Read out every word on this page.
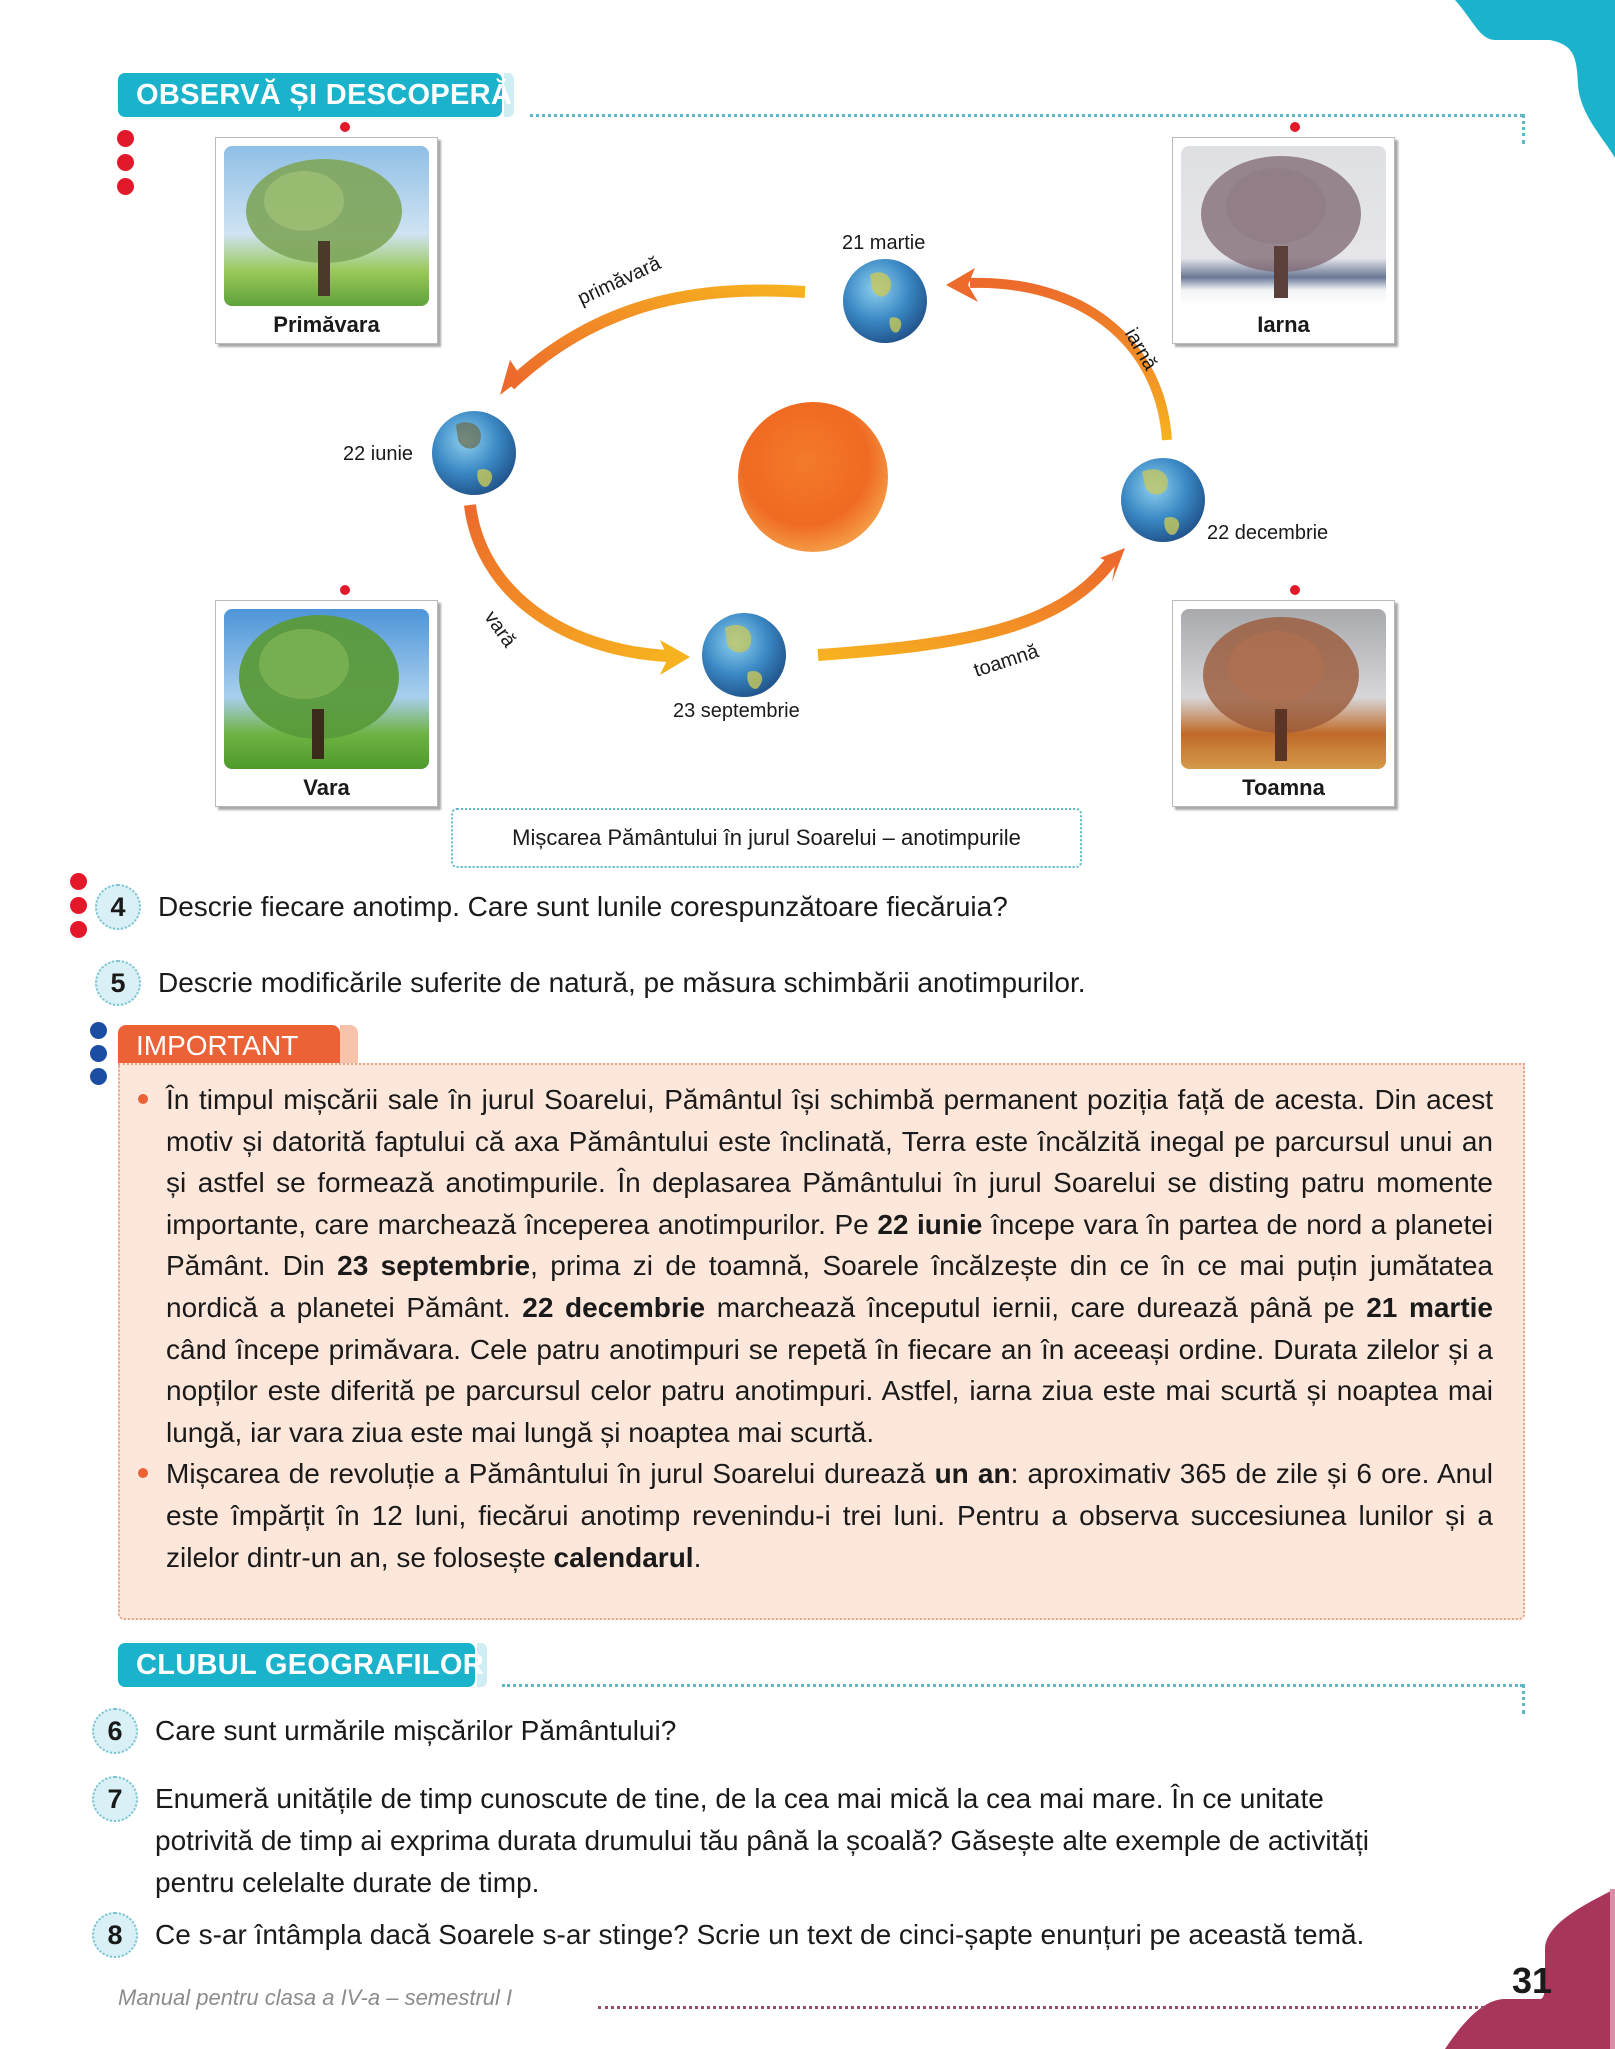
OBSERVĂ ȘI DESCOPERĂ!
Primăvara	Iarna
Vara	Toamna
21 martie
22 iunie
23 septembrie
22 decembrie
primăvară
vară
toamnă
iarnă
Mișcarea Pământului în jurul Soarelui – anotimpurile
4	Descrie fiecare anotimp. Care sunt lunile corespunzătoare fiecăruia?
5	Descrie modificările suferite de natură, pe măsura schimbării anotimpurilor.
IMPORTANT

În timpul mișcării sale în jurul Soarelui, Pământul își schimbă permanent poziția față de acesta. Din acest motiv și datorită faptului că axa Pământului este înclinată, Terra este încălzită inegal pe parcursul unui an și astfel se formează anotimpurile. În deplasarea Pământului în jurul Soarelui se disting patru momente importante, care marchează începerea anotimpurilor. Pe 22 iunie începe vara în partea de nord a planetei Pământ. Din 23 septembrie, prima zi de toamnă, Soarele încălzește din ce în ce mai puțin jumătatea nordică a planetei Pământ. 22 decembrie marchează începutul iernii, care durează până pe 21 martie când începe primăvara. Cele patru anotimpuri se repetă în fiecare an în aceeași ordine. Durata zilelor și a nopților este diferită pe parcursul celor patru anotimpuri. Astfel, iarna ziua este mai scurtă și noaptea mai lungă, iar vara ziua este mai lungă și noaptea mai scurtă.

Mișcarea de revoluție a Pământului în jurul Soarelui durează un an: aproximativ 365 de zile și 6 ore. Anul este împărțit în 12 luni, fiecărui anotimp revenindu-i trei luni. Pentru a observa succesiunea lunilor și a zilelor dintr-un an, se folosește calendarul.

CLUBUL GEOGRAFILOR
6	Care sunt urmările mișcărilor Pământului?
7	Enumeră unitățile de timp cunoscute de tine, de la cea mai mică la cea mai mare. În ce unitate
potrivită de timp ai exprima durata drumului tău până la școală? Găsește alte exemple de activități
pentru celelalte durate de timp.
8	Ce s-ar întâmpla dacă Soarele s-ar stinge? Scrie un text de cinci-șapte enunțuri pe această temă.
Manual pentru clasa a IV-a – semestrul I	31
